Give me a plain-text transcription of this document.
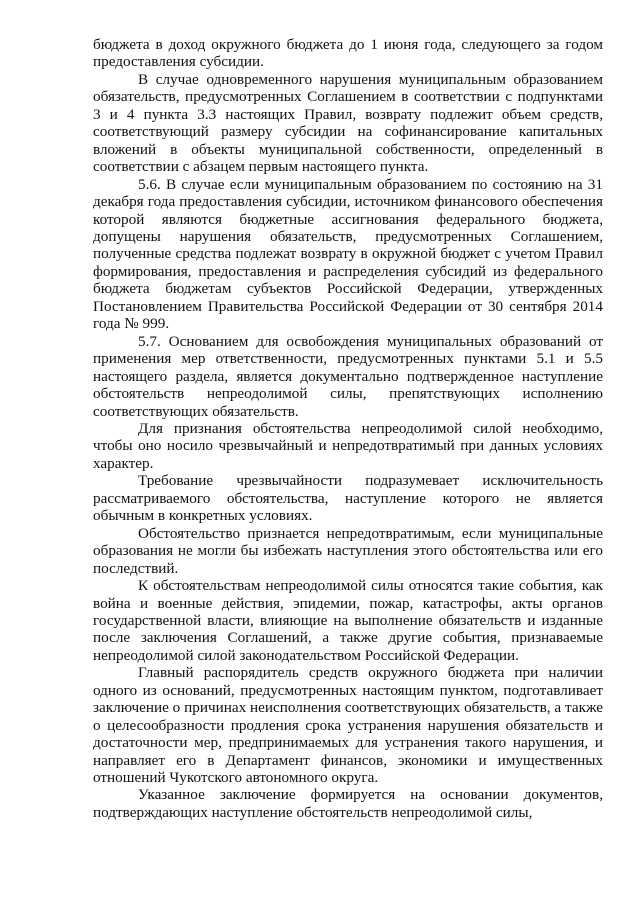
бюджета в доход окружного бюджета до 1 июня года, следующего за годом предоставления субсидии.

В случае одновременного нарушения муниципальным образованием обязательств, предусмотренных Соглашением в соответствии с подпунктами 3 и 4 пункта 3.3 настоящих Правил, возврату подлежит объем средств, соответствующий размеру субсидии на софинансирование капитальных вложений в объекты муниципальной собственности, определенный в соответствии с абзацем первым настоящего пункта.

5.6. В случае если муниципальным образованием по состоянию на 31 декабря года предоставления субсидии, источником финансового обеспечения которой являются бюджетные ассигнования федерального бюджета, допущены нарушения обязательств, предусмотренных Соглашением, полученные средства подлежат возврату в окружной бюджет с учетом Правил формирования, предоставления и распределения субсидий из федерального бюджета бюджетам субъектов Российской Федерации, утвержденных Постановлением Правительства Российской Федерации от 30 сентября 2014 года № 999.

5.7. Основанием для освобождения муниципальных образований от применения мер ответственности, предусмотренных пунктами 5.1 и 5.5 настоящего раздела, является документально подтвержденное наступление обстоятельств непреодолимой силы, препятствующих исполнению соответствующих обязательств.

Для признания обстоятельства непреодолимой силой необходимо, чтобы оно носило чрезвычайный и непредотвратимый при данных условиях характер.

Требование чрезвычайности подразумевает исключительность рассматриваемого обстоятельства, наступление которого не является обычным в конкретных условиях.

Обстоятельство признается непредотвратимым, если муниципальные образования не могли бы избежать наступления этого обстоятельства или его последствий.

К обстоятельствам непреодолимой силы относятся такие события, как война и военные действия, эпидемии, пожар, катастрофы, акты органов государственной власти, влияющие на выполнение обязательств и изданные после заключения Соглашений, а также другие события, признаваемые непреодолимой силой законодательством Российской Федерации.

Главный распорядитель средств окружного бюджета при наличии одного из оснований, предусмотренных настоящим пунктом, подготавливает заключение о причинах неисполнения соответствующих обязательств, а также о целесообразности продления срока устранения нарушения обязательств и достаточности мер, предпринимаемых для устранения такого нарушения, и направляет его в Департамент финансов, экономики и имущественных отношений Чукотского автономного округа.

Указанное заключение формируется на основании документов, подтверждающих наступление обстоятельств непреодолимой силы,
